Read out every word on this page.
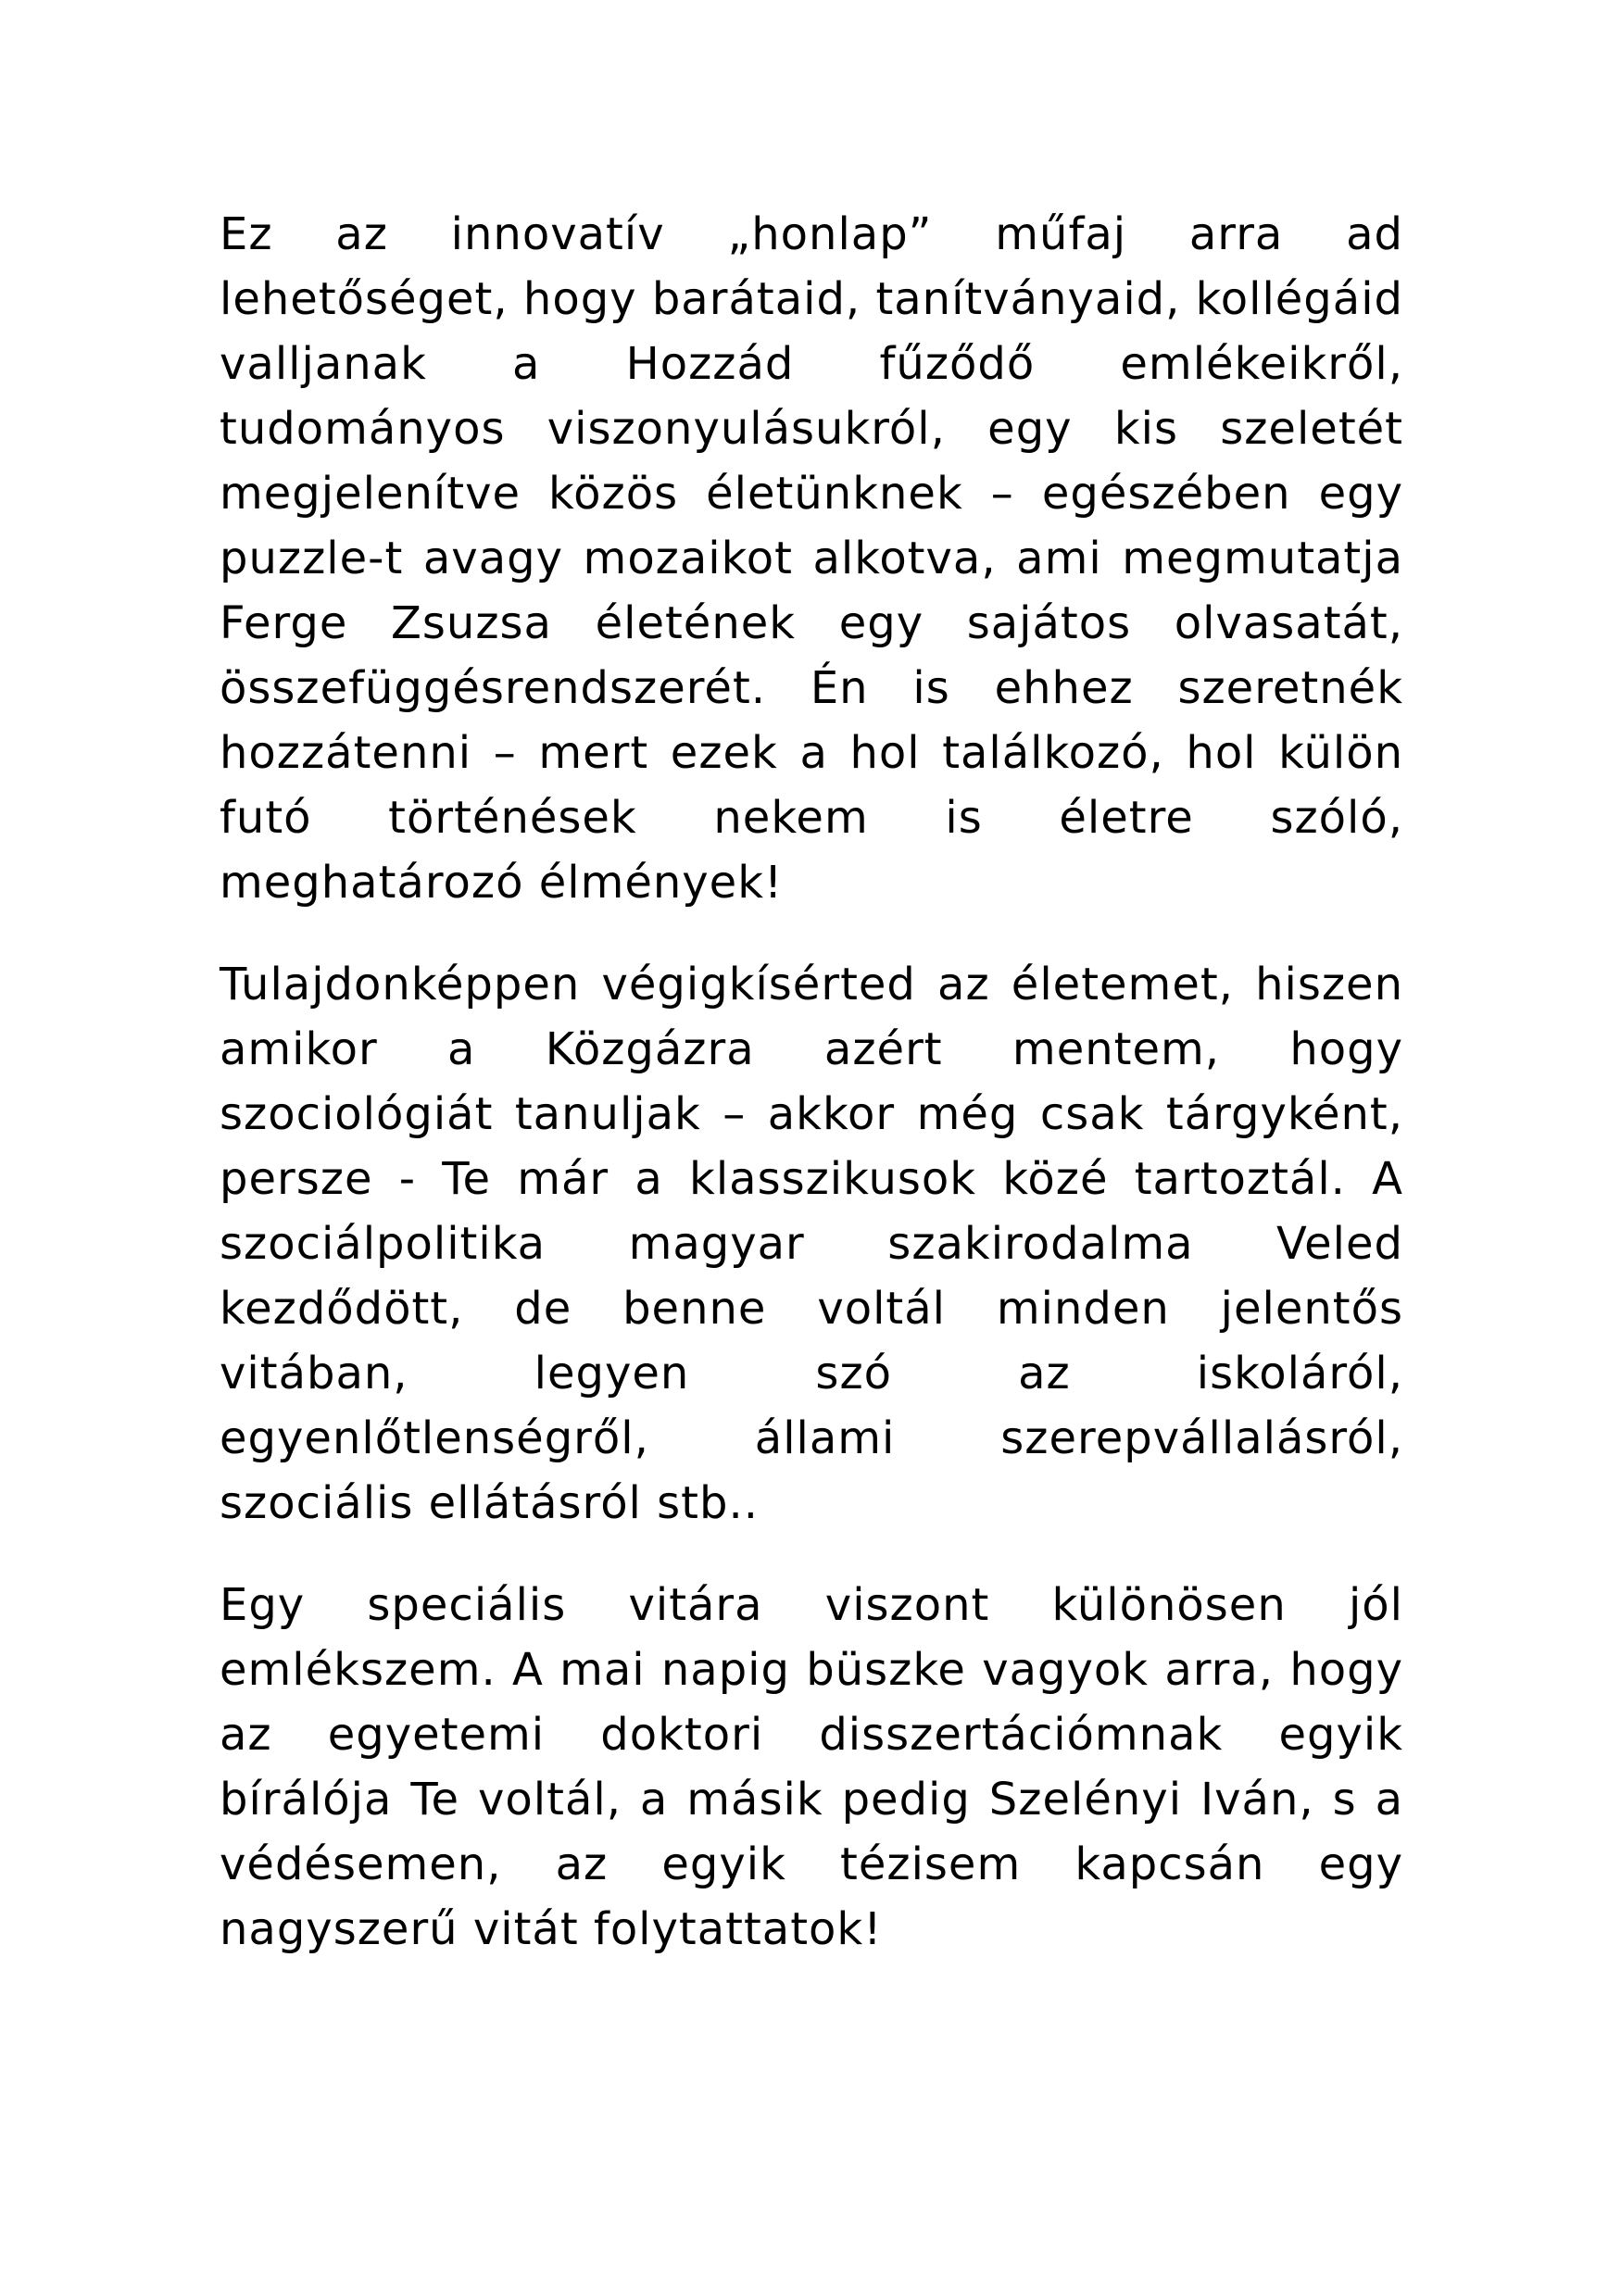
Ez az innovatív „honlap” műfaj arra ad lehetőséget, hogy barátaid, tanítványaid, kollégáid valljanak a Hozzád fűződő emlékeikről, tudományos viszonyulásukról, egy kis szeletét megjelenítve közös életünknek – egészében egy puzzle-t avagy mozaikot alkotva, ami megmutatja Ferge Zsuzsa életének egy sajátos olvasatát, összefüggésrendszerét. Én is ehhez szeretnék hozzátenni – mert ezek a hol találkozó, hol külön futó történések nekem is életre szóló, meghatározó élmények!

Tulajdonképpen végigkísérted az életemet, hiszen amikor a Közgázra azért mentem, hogy szociológiát tanuljak – akkor még csak tárgyként, persze - Te már a klasszikusok közé tartoztál. A szociálpolitika magyar szakirodalma Veled kezdődött, de benne voltál minden jelentős vitában, legyen szó az iskoláról, egyenlőtlenségről, állami szerepvállalásról, szociális ellátásról stb..

Egy speciális vitára viszont különösen jól emlékszem. A mai napig büszke vagyok arra, hogy az egyetemi doktori disszertációmnak egyik bírálója Te voltál, a másik pedig Szelényi Iván, s a védésemen, az egyik tézisem kapcsán egy nagyszerű vitát folytattatok!
